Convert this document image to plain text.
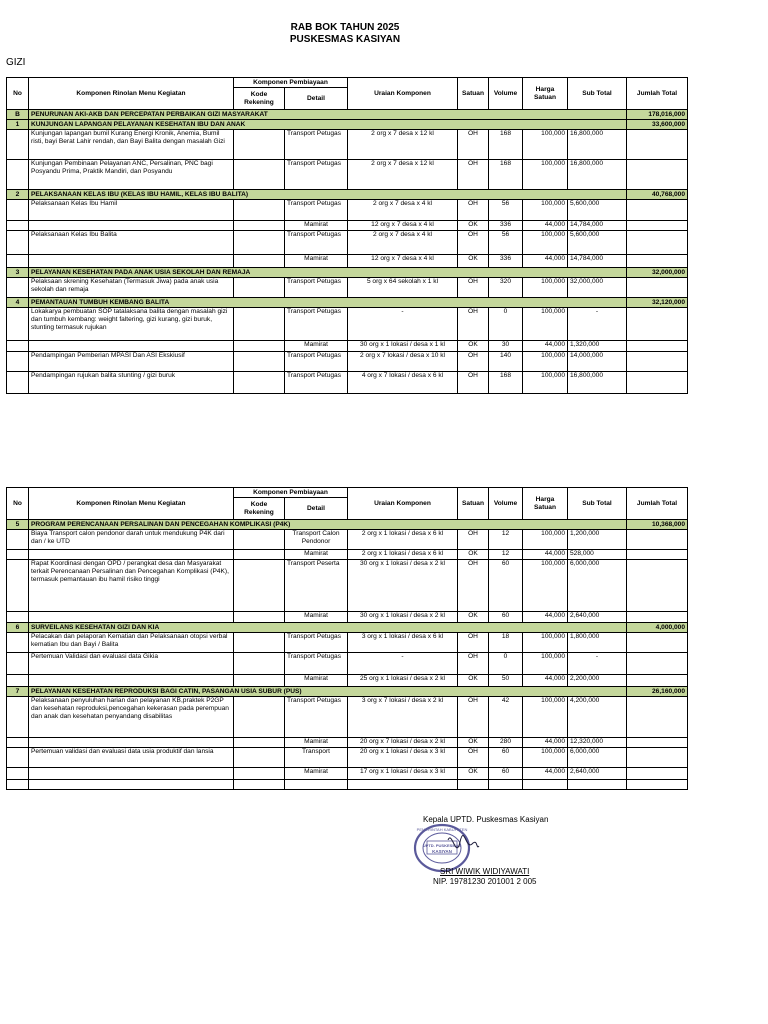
RAB BOK TAHUN 2025
PUSKESMAS KASIYAN
GIZI
No	Komponen Rinolan Menu Kegiatan	Komponen Pembiayaan		Uraian Komponen	Satuan	Volume	Harga Satuan	Sub Total	Jumlah Total
		Kode Rekening	Detail						
B	PENURUNAN AKI-AKB DAN PERCEPATAN PERBAIKAN GIZI MASYARAKAT								178,016,000
1	KUNJUNGAN LAPANGAN PELAYANAN KESEHATAN IBU DAN ANAK								33,600,000
	Kunjungan lapangan bumil Kurang Energi Kronik, Anemia, Bumil risti, bayi Berat Lahir rendah, dan Bayi Balita dengan masalah Gizi		Transport Petugas	2 org x 7 desa x 12 kl	OH	168	100,000	16,800,000	
	Kunjungan Pembinaan Pelayanan ANC, Persalinan, PNC bagi Posyandu Prima, Praktik Mandiri, dan Posyandu		Transport Petugas	2 org x 7 desa x 12 kl	OH	168	100,000	16,800,000	
2	PELAKSANAAN KELAS IBU (KELAS IBU HAMIL, KELAS IBU BALITA)								40,768,000
	Pelaksanaan Kelas Ibu Hamil		Transport Petugas	2 org x 7 desa x 4 kl	OH	56	100,000	5,600,000	
			Mamirat	12 org x 7 desa x 4 kl	OK	336	44,000	14,784,000	
	Pelaksanaan Kelas Ibu Balita		Transport Petugas	2 org x 7 desa x 4 kl	OH	56	100,000	5,600,000	
			Mamirat	12 org x 7 desa x 4 kl	OK	336	44,000	14,784,000	
3	PELAYANAN KESEHATAN PADA ANAK USIA SEKOLAH DAN REMAJA								32,000,000
	Pelaksaan skrening Kesehatan (Termasuk Jiwa) pada anak usia sekolah dan remaja		Transport Petugas	5 org x 64 sekolah x 1 kl	OH	320	100,000	32,000,000	
4	PEMANTAUAN TUMBUH KEMBANG BALITA								32,120,000
	Lokakarya pembuatan SOP tatalaksana balita dengan masalah gizi dan tumbuh kembang: weight faltering, gizi kurang, gizi buruk, stunting termasuk rujukan		Transport Petugas	-	OH	0	100,000	-	
			Mamirat	30 org x 1 lokasi / desa x 1 kl	OK	30	44,000	1,320,000	
	Pendampingan Pemberian MPASI Dan ASI Ekskiusif		Transport Petugas	2 org x 7 lokasi / desa x 10 kl	OH	140	100,000	14,000,000	
	Pendampingan rujukan balita stunting / gizi buruk		Transport Petugas	4 org x 7 lokasi / desa x 6 kl	OH	168	100,000	16,800,000	
No	Komponen Rinolan Menu Kegiatan	Komponen Pembiayaan		Uraian Komponen	Satuan	Volume	Harga Satuan	Sub Total	Jumlah Total
		Kode Rekening	Detail						
5	PROGRAM PERENCANAAN PERSALINAN DAN PENCEGAHAN KOMPLIKASI (P4K)								10,368,000
	Biaya Transport calon pendonor darah untuk mendukung P4K dari dan / ke UTD		Transport Calon Pendonor	2 org x 1 lokasi / desa x 6 kl	OH	12	100,000	1,200,000	
			Mamirat	2 org x 1 lokasi / desa x 6 kl	OK	12	44,000	528,000	
	Rapat Koordinasi dengan OPD / perangkat desa dan Masyarakat terkait Perencanaan Persalinan dan Pencegahan Komplikasi (P4K), termasuk pemantauan ibu hamil risiko tinggi		Transport Peserta	30 org x 1 lokasi / desa x 2 kl	OH	60	100,000	6,000,000	
			Mamirat	30 org x 1 lokasi / desa x 2 kl	OK	60	44,000	2,640,000	
6	SURVEILANS KESEHATAN GIZI DAN KIA								4,000,000
	Pelacakan dan pelaporan Kematian dan Pelaksanaan otopsi verbal kematian Ibu dan Bayi / Balita		Transport Petugas	3 org x 1 lokasi / desa x 6 kl	OH	18	100,000	1,800,000	
	Pertemuan Validasi dan evaluasi data Gikia		Transport Petugas	-	OH	0	100,000	-	
			Mamirat	25 org x 1 lokasi / desa x 2 kl	OK	50	44,000	2,200,000	
7	PELAYANAN KESEHATAN REPRODUKSI BAGI CATIN, PASANGAN USIA SUBUR (PUS)								26,160,000
	Pelaksanaan penyuluhan harian dan pelayanan KB,praktek P2GP dan kesehatan reproduksi,pencegahan kekerasan pada perempuan dan anak dan kesehatan penyandang disabilitas		Transport Petugas	3 org x 7 lokasi / desa x 2 kl	OH	42	100,000	4,200,000	
			Mamirat	20 org x 7 lokasi / desa x 2 kl	OK	280	44,000	12,320,000	
	Pertemuan validasi dan evaluasi data usia produktif dan lansia		Transport	20 org x 1 lokasi / desa x 3 kl	OH	60	100,000	6,000,000	
			Mamirat	17 org x 1 lokasi / desa x 3 kl	OK	60	44,000	2,640,000	

Kepala UPTD. Puskesmas Kasiyan
PEMERINTAH KABUPATEN
UPTD. PUSKESMAS
KASIYAN
SRI WIWIK WIDIYAWATI
NIP. 19781230 201001 2 005
